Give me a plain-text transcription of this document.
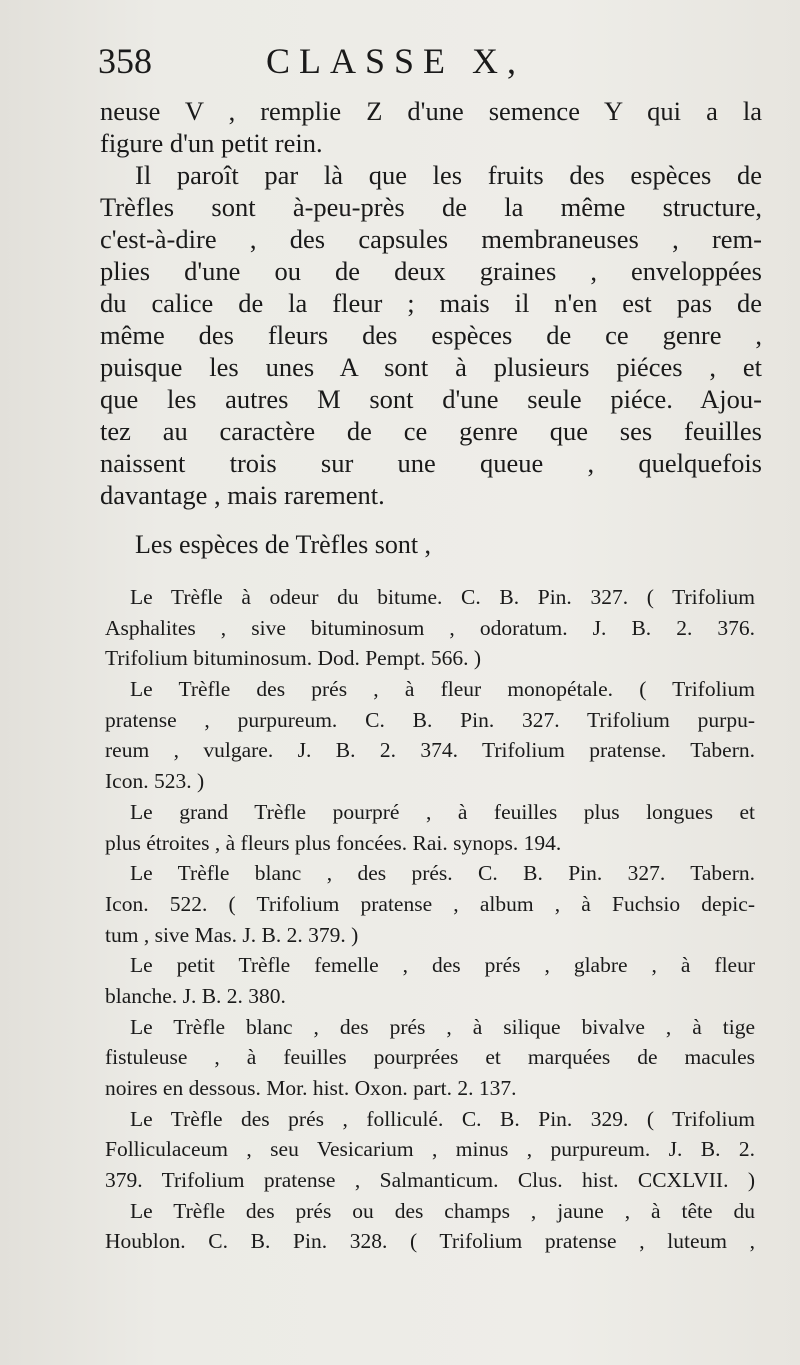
358	CLASSE X,
neuse V , remplie Z d'une semence Y qui a la
figure d'un petit rein.
Il paroît par là que les fruits des espèces de
Trèfles sont à-peu-près de la même structure,
c'est-à-dire , des capsules membraneuses , rem-
plies d'une ou de deux graines , enveloppées
du calice de la fleur ; mais il n'en est pas de
même des fleurs des espèces de ce genre ,
puisque les unes A sont à plusieurs piéces , et
que les autres M sont d'une seule piéce. Ajou-
tez au caractère de ce genre que ses feuilles
naissent trois sur une queue , quelquefois
davantage , mais rarement.
Les espèces de Trèfles sont ,
Le Trèfle à odeur du bitume. C. B. Pin. 327. ( Trifolium
Asphalites , sive bituminosum , odoratum. J. B. 2. 376.
Trifolium bituminosum. Dod. Pempt. 566. )
Le Trèfle des prés , à fleur monopétale. ( Trifolium
pratense , purpureum. C. B. Pin. 327. Trifolium purpu-
reum , vulgare. J. B. 2. 374. Trifolium pratense. Tabern.
Icon. 523. )
Le grand Trèfle pourpré , à feuilles plus longues et
plus étroites , à fleurs plus foncées. Rai. synops. 194.
Le Trèfle blanc , des prés. C. B. Pin. 327. Tabern.
Icon. 522. ( Trifolium pratense , album , à Fuchsio depic-
tum , sive Mas. J. B. 2. 379. )
Le petit Trèfle femelle , des prés , glabre , à fleur
blanche. J. B. 2. 380.
Le Trèfle blanc , des prés , à silique bivalve , à tige
fistuleuse , à feuilles pourprées et marquées de macules
noires en dessous. Mor. hist. Oxon. part. 2. 137.
Le Trèfle des prés , folliculé. C. B. Pin. 329. ( Trifolium
Folliculaceum , seu Vesicarium , minus , purpureum. J. B. 2.
379. Trifolium pratense , Salmanticum. Clus. hist. CCXLVII. )
Le Trèfle des prés ou des champs , jaune , à tête du
Houblon. C. B. Pin. 328. ( Trifolium pratense , luteum ,
